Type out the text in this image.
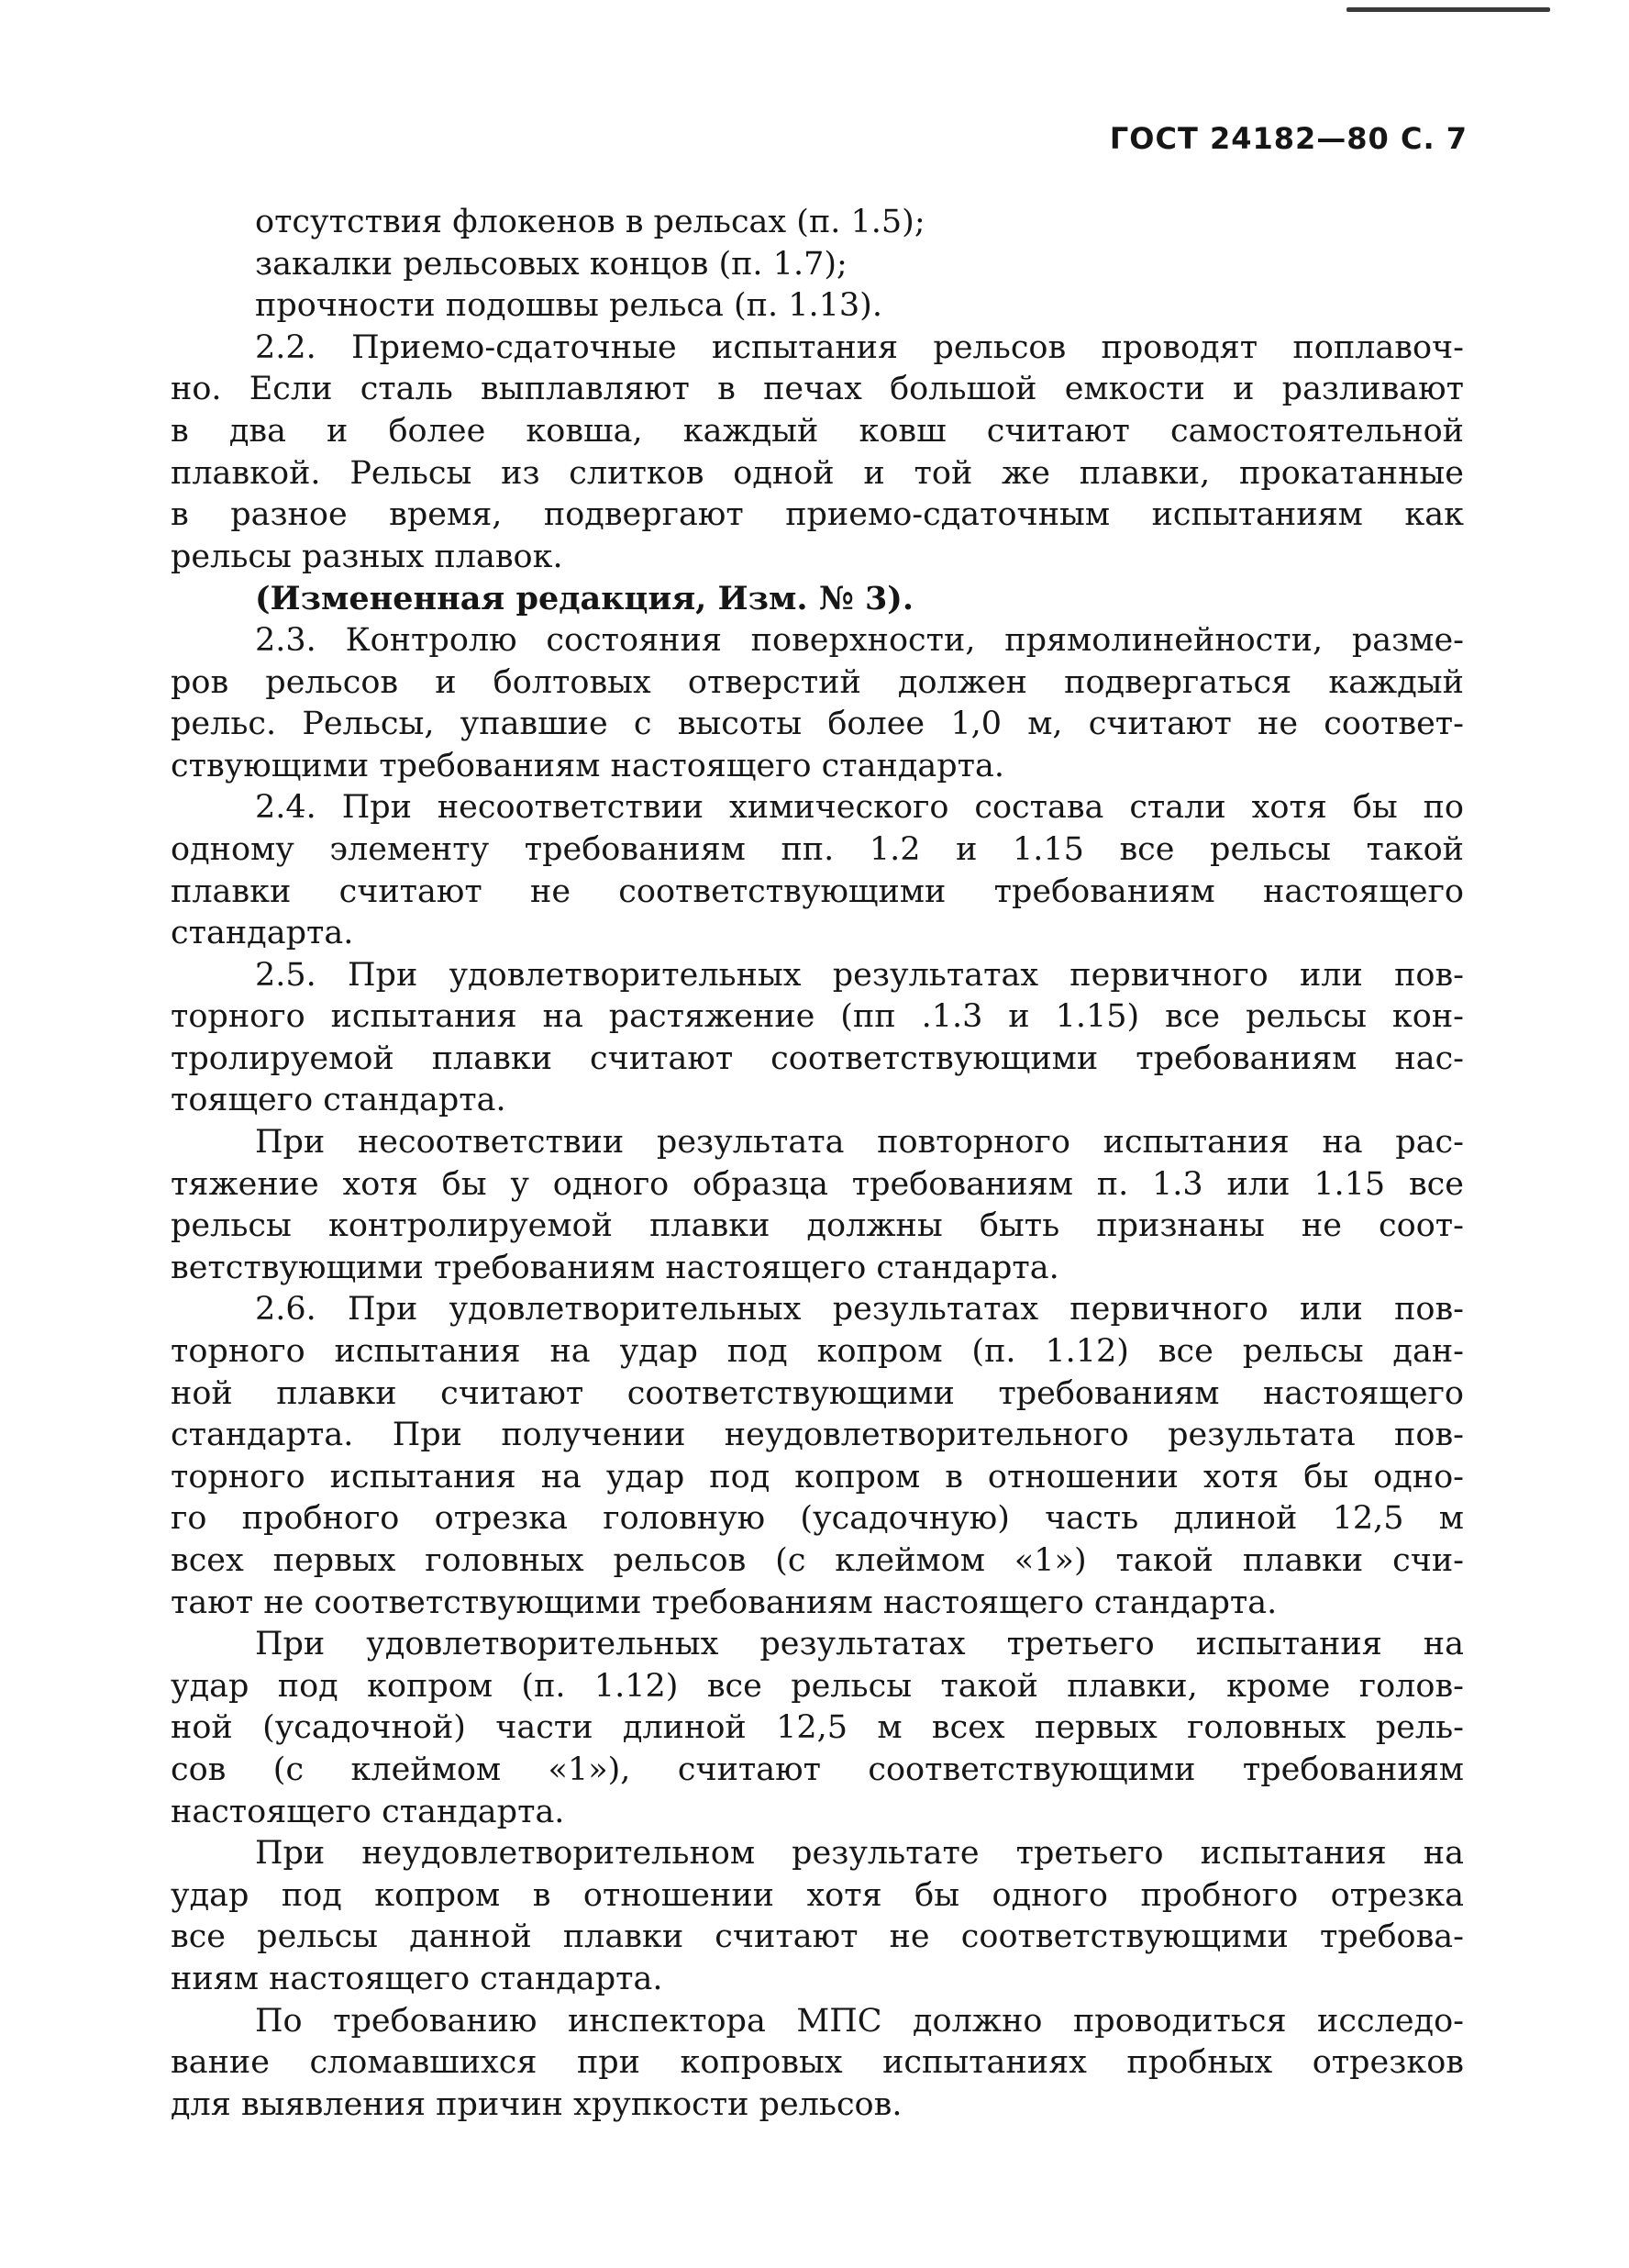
ГОСТ 24182—80 С. 7

отсутствия флокенов в рельсах (п. 1.5);

закалки рельсовых концов (п. 1.7);

прочности подошвы рельса (п. 1.13).

2.2. Приемо-сдаточные испытания рельсов проводят поплавоч-

но. Если сталь выплавляют в печах большой емкости и разливают

в два и более ковша, каждый ковш считают самостоятельной

плавкой. Рельсы из слитков одной и той же плавки, прокатанные

в разное время, подвергают приемо-сдаточным испытаниям как

рельсы разных плавок.

(Измененная редакция, Изм. № 3).

2.3. Контролю состояния поверхности, прямолинейности, разме-

ров рельсов и болтовых отверстий должен подвергаться каждый

рельс. Рельсы, упавшие с высоты более 1,0 м, считают не соответ-

ствующими требованиям настоящего стандарта.

2.4. При несоответствии химического состава стали хотя бы по

одному элементу требованиям пп. 1.2 и 1.15 все рельсы такой

плавки считают не соответствующими требованиям настоящего

стандарта.

2.5. При удовлетворительных результатах первичного или пов-

торного испытания на растяжение (пп .1.3 и 1.15) все рельсы кон-

тролируемой плавки считают соответствующими требованиям нас-

тоящего стандарта.

При несоответствии результата повторного испытания на рас-

тяжение хотя бы у одного образца требованиям п. 1.3 или 1.15 все

рельсы контролируемой плавки должны быть признаны не соот-

ветствующими требованиям настоящего стандарта.

2.6. При удовлетворительных результатах первичного или пов-

торного испытания на удар под копром (п. 1.12) все рельсы дан-

ной плавки считают соответствующими требованиям настоящего

стандарта. При получении неудовлетворительного результата пов-

торного испытания на удар под копром в отношении хотя бы одно-

го пробного отрезка головную (усадочную) часть длиной 12,5 м

всех первых головных рельсов (с клеймом «1») такой плавки счи-

тают не соответствующими требованиям настоящего стандарта.

При удовлетворительных результатах третьего испытания на

удар под копром (п. 1.12) все рельсы такой плавки, кроме голов-

ной (усадочной) части длиной 12,5 м всех первых головных рель-

сов (с клеймом «1»), считают соответствующими требованиям

настоящего стандарта.

При неудовлетворительном результате третьего испытания на

удар под копром в отношении хотя бы одного пробного отрезка

все рельсы данной плавки считают не соответствующими требова-

ниям настоящего стандарта.

По требованию инспектора МПС должно проводиться исследо-

вание сломавшихся при копровых испытаниях пробных отрезков

для выявления причин хрупкости рельсов.
